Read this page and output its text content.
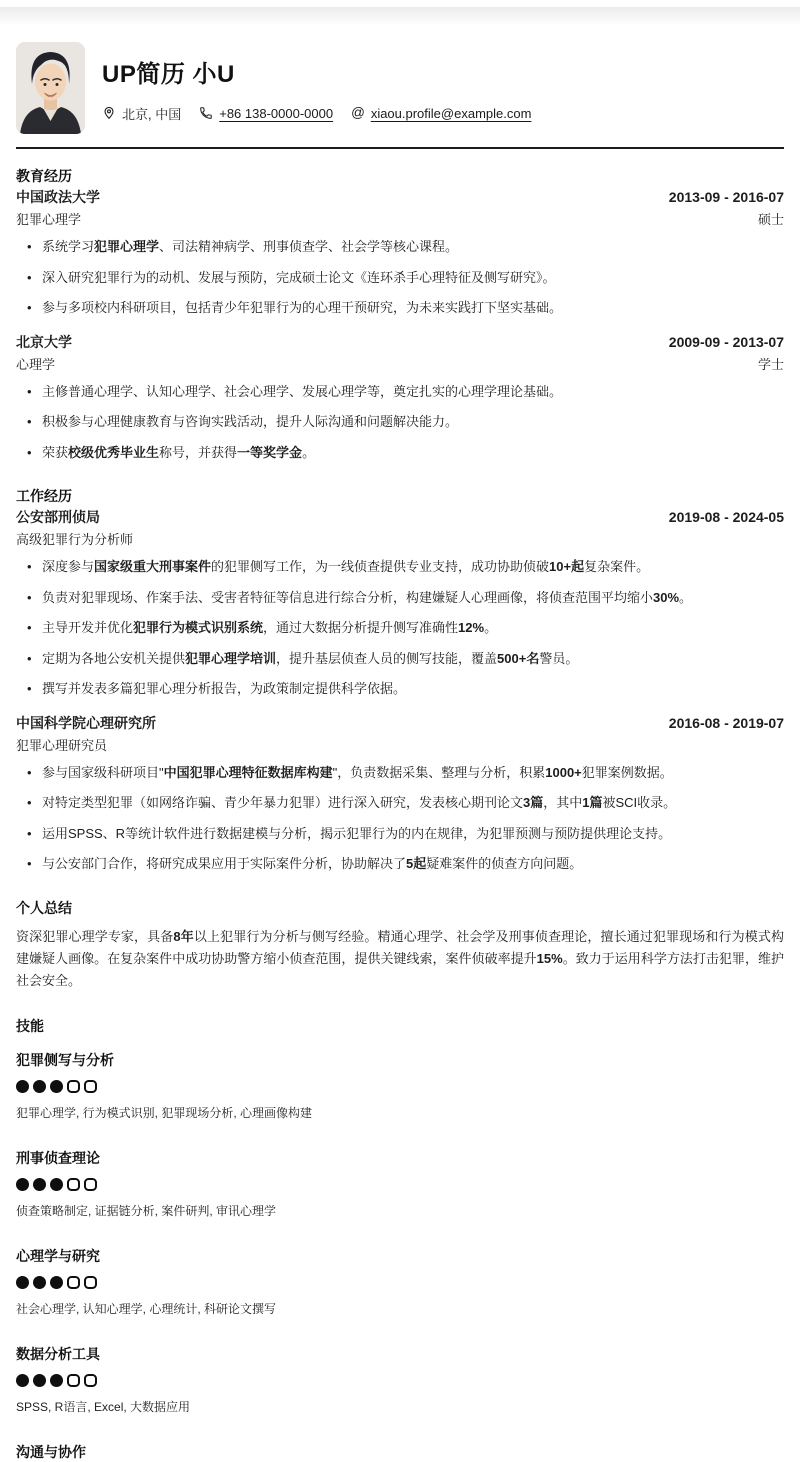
UP简历 小U
北京, 中国	+86 138-0000-0000 @ xiaou.profile@example.com
教育经历
中国政法大学	2013-09 - 2016-07
犯罪心理学	硕士
• 系统学习犯罪心理学、司法精神病学、刑事侦查学、社会学等核心课程。
• 深入研究犯罪行为的动机、发展与预防，完成硕士论文《连环杀手心理特征及侧写研究》。
• 参与多项校内科研项目，包括青少年犯罪行为的心理干预研究，为未来实践打下坚实基础。
北京大学	2009-09 - 2013-07
心理学	学士
• 主修普通心理学、认知心理学、社会心理学、发展心理学等，奠定扎实的心理学理论基础。
• 积极参与心理健康教育与咨询实践活动，提升人际沟通和问题解决能力。
• 荣获校级优秀毕业生称号，并获得一等奖学金。
工作经历
公安部刑侦局	2019-08 - 2024-05
高级犯罪行为分析师
• 深度参与国家级重大刑事案件的犯罪侧写工作，为一线侦查提供专业支持，成功协助侦破10+起复杂案件。
• 负责对犯罪现场、作案手法、受害者特征等信息进行综合分析，构建嫌疑人心理画像，将侦查范围平均缩小30%。
• 主导开发并优化犯罪行为模式识别系统，通过大数据分析提升侧写准确性12%。
• 定期为各地公安机关提供犯罪心理学培训，提升基层侦查人员的侧写技能，覆盖500+名警员。
• 撰写并发表多篇犯罪心理分析报告，为政策制定提供科学依据。
中国科学院心理研究所	2016-08 - 2019-07
犯罪心理研究员
• 参与国家级科研项目"中国犯罪心理特征数据库构建"，负责数据采集、整理与分析，积累1000+犯罪案例数据。
• 对特定类型犯罪（如网络诈骗、青少年暴力犯罪）进行深入研究，发表核心期刊论文3篇，其中1篇被SCI收录。
• 运用SPSS、R等统计软件进行数据建模与分析，揭示犯罪行为的内在规律，为犯罪预测与预防提供理论支持。
• 与公安部门合作，将研究成果应用于实际案件分析，协助解决了5起疑难案件的侦查方向问题。
个人总结

资深犯罪心理学专家，具备8年以上犯罪行为分析与侧写经验。精通心理学、社会学及刑事侦查理论，擅长通过犯罪现场和行为模式构建嫌疑人画像。在复杂案件中成功协助警方缩小侦查范围，提供关键线索，案件侦破率提升15%。致力于运用科学方法打击犯罪，维护社会安全。

技能
犯罪侧写与分析
犯罪心理学, 行为模式识别, 犯罪现场分析, 心理画像构建
刑事侦查理论
侦查策略制定, 证据链分析, 案件研判, 审讯心理学
心理学与研究
社会心理学, 认知心理学, 心理统计, 科研论文撰写
数据分析工具
SPSS, R语言, Excel, 大数据应用
沟通与协作
